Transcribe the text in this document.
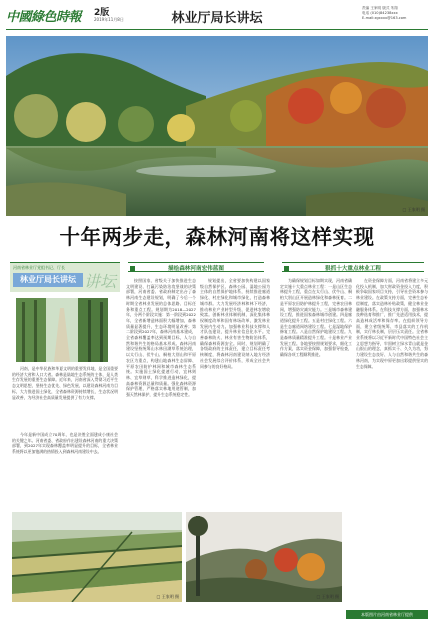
中國綠色時報 2版
2019年11月8日	林业厅局长讲坛
责编 王家明 版式 朱翔
电话 (010)84238xxx
E-mail:zgxxxx@163.com
□ 王家明 摄
十年两步走，森林河南将这样实现
河南省林业厅党组书记、厅长
林业厅局长讲坛 讲坛

河南，是中华民族和华夏文明的重要发祥地，是全国重要的经济大省和人口大省。森林是陆地生态系统的主体，是人类生存发展的重要生态保障。近年来，河南省深入贯彻习近平生态文明思想，坚持生态优先、绿色发展，以建设森林河南为目标，大力推进国土绿化，全省森林资源持续增长，生态状况明显改善，为经济社会高质量发展提供了有力支撑。

今年是新中国成立70周年，也是决胜全面建成小康社会的关键之年。河南省委、省政府作出建设森林河南的重大决策部署，到2027年实现森林覆盖率明显提升的目标，全省林业系统将以更加饱满的热情投入到森林河南建设中去。

描绘森林河南宏伟蓝图	狠抓十大重点林业工程

按照国家、省级关于加快推进生态文明建设、打赢污染防治攻坚战的决策部署，河南省委、省政府制定出台了森林河南生态建设规划，明确了今后一个时期全省林业发展的总体思路、目标任务和重点工程。规划期为2018—2027年，分两个阶段实施：第一阶段到2022年，全省新增造林面积大幅增加，森林质量显著提升，生态环境明显改善；第二阶段到2027年，森林河南基本建成，全省森林覆盖率达到预期目标，人与自然和谐共生的格局基本形成。森林河南建设坚持统筹山水林田湖草系统治理，以太行山、伏牛山、桐柏大别山和平原农区为重点，构建山地森林生态屏障、平原农田防护林网和城市森林生态系统。实施国土绿化提速行动，宜林则林、宜草则草，科学推进造林绿化，提高森林资源总量和质量。强化森林资源保护管理，严格落实林地用途管制，加强天然林保护，提升生态系统稳定性。

规划提出，全省要加快构建以国家级自然保护区、森林公园、湿地公园为主体的自然保护地体系，持续推进廊道绿化、村庄绿化和城市绿化，打造森林城市群。大力发展经济林和林下经济，推动林业产业转型升级，促进林农增收致富。创新林业体制机制，深化集体林权制度改革和国有林场改革，激发林业发展内生动力。加强林业科技支撑和人才队伍建设，提升林业信息化水平。完善森林防火、林业有害生物防治体系，确保森林资源安全。同时，规划明确了各级政府的主体责任，建立目标责任考核制度，将森林河南建设纳入地方经济社会发展综合评价体系，形成全社会共同参与的良好格局。

为确保规划目标如期实现，河南省确定实施十大重点林业工程：一是山区生态林提升工程，重点在太行山、伏牛山、桐柏大别山区开展造林绿化和森林抚育。二是平原农田防护林提升工程，完善农田林网，增强防灾减灾能力。三是城市森林建设工程，推进国家森林城市创建。四是廊道绿化提升工程。五是村庄绿化工程。六是生态廊道网络建设工程。七是湿地保护修复工程。八是自然保护地建设工程。九是森林质量精准提升工程。十是林业产业发展工程。各地要按照规划要求，细化工作方案，落实资金保障，加强督导检查，确保各项工程顺利推进。

在资金保障方面，河南省将建立多元化投入机制，加大财政资金投入力度，积极争取国家项目支持，引导社会资本参与林业建设。在政策支持方面，完善生态补偿制度，落实造林补贴政策，健全林业金融服务体系。在科技支撑方面，加强林木良种选育和推广，推广先进适用技术，提高造林成活率和保存率。在组织领导方面，建立省级统筹、市县落实的工作机制，实行林长制，层层压实责任。全省林业系统将以习近平新时代中国特色社会主义思想为指导，牢固树立绿水青山就是金山银山的理念，真抓实干、久久为功，努力建设生态良好、人与自然和谐共生的森林河南，为实现中原更加出彩提供坚实的生态保障。

□ 王家明 摄	□ 王家明 摄
本版图片由河南省林业厅提供
